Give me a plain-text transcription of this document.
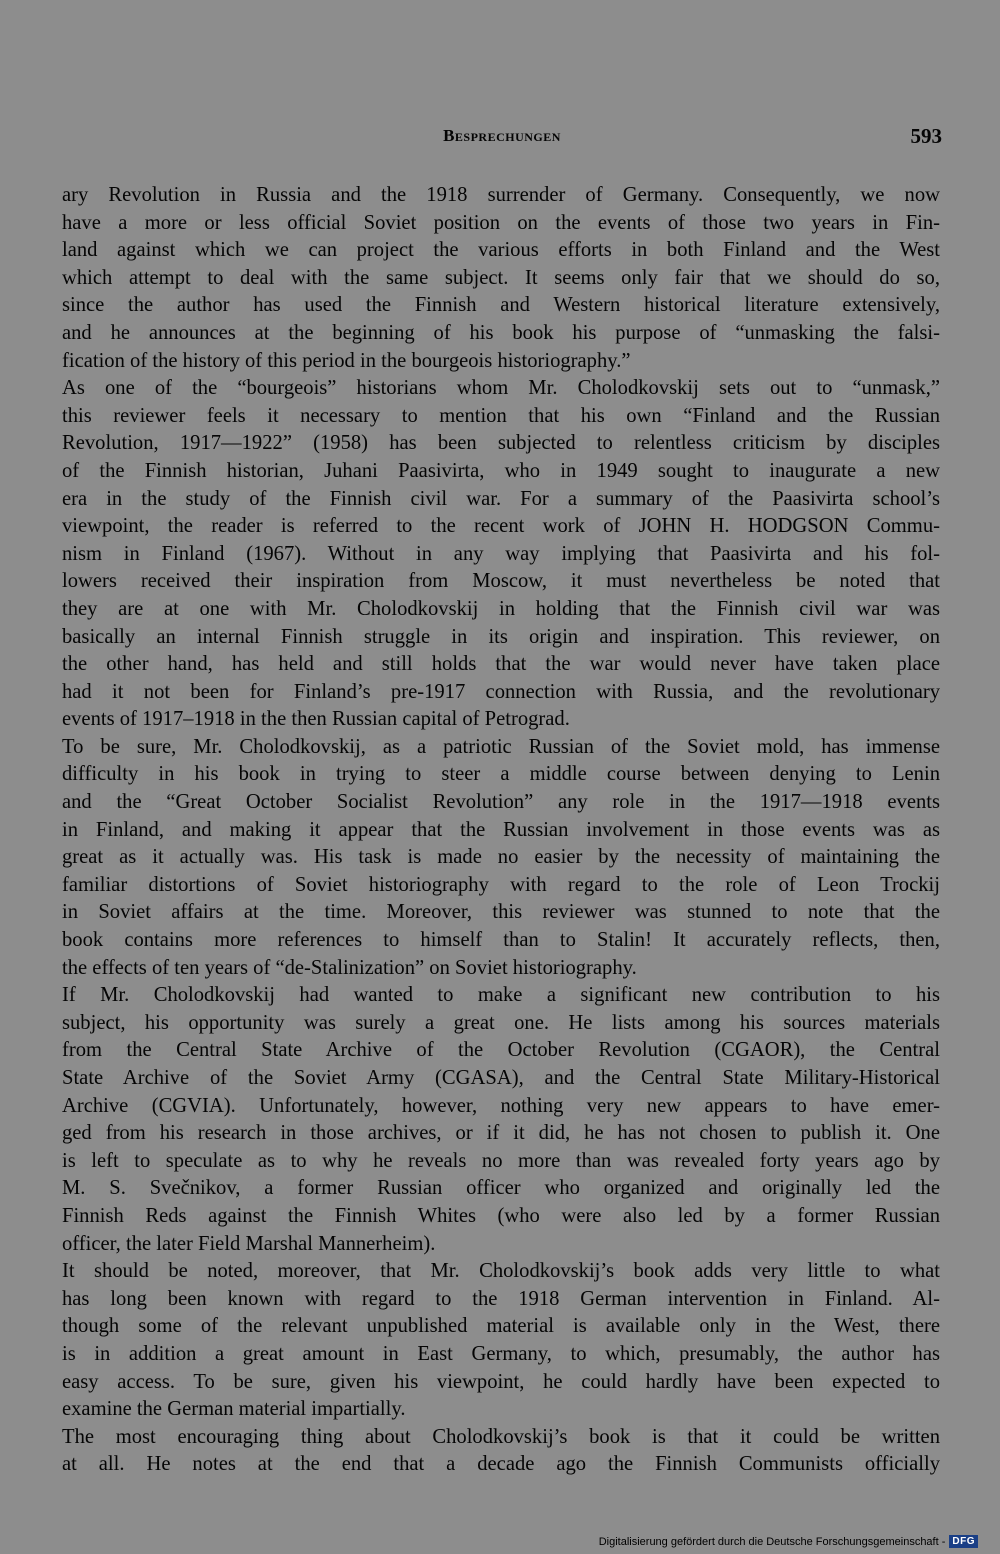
Besprechungen	593

ary Revolution in Russia and the 1918 surrender of Germany. Consequently, we now

have a more or less official Soviet position on the events of those two years in Fin-

land against which we can project the various efforts in both Finland and the West

which attempt to deal with the same subject. It seems only fair that we should do so,

since the author has used the Finnish and Western historical literature extensively,

and he announces at the beginning of his book his purpose of “unmasking the falsi-

fication of the history of this period in the bourgeois historiography.”

As one of the “bourgeois” historians whom Mr. Cholodkovskij sets out to “unmask,”

this reviewer feels it necessary to mention that his own “Finland and the Russian

Revolution, 1917—1922” (1958) has been subjected to relentless criticism by disciples

of the Finnish historian, Juhani Paasivirta, who in 1949 sought to inaugurate a new

era in the study of the Finnish civil war. For a summary of the Paasivirta school’s

viewpoint, the reader is referred to the recent work of JOHN H. HODGSON Commu-

nism in Finland (1967). Without in any way implying that Paasivirta and his fol-

lowers received their inspiration from Moscow, it must nevertheless be noted that

they are at one with Mr. Cholodkovskij in holding that the Finnish civil war was

basically an internal Finnish struggle in its origin and inspiration. This reviewer, on

the other hand, has held and still holds that the war would never have taken place

had it not been for Finland’s pre-1917 connection with Russia, and the revolutionary

events of 1917–1918 in the then Russian capital of Petrograd.

To be sure, Mr. Cholodkovskij, as a patriotic Russian of the Soviet mold, has immense

difficulty in his book in trying to steer a middle course between denying to Lenin

and the “Great October Socialist Revolution” any role in the 1917—1918 events

in Finland, and making it appear that the Russian involvement in those events was as

great as it actually was. His task is made no easier by the necessity of maintaining the

familiar distortions of Soviet historiography with regard to the role of Leon Trockij

in Soviet affairs at the time. Moreover, this reviewer was stunned to note that the

book contains more references to himself than to Stalin! It accurately reflects, then,

the effects of ten years of “de-Stalinization” on Soviet historiography.

If Mr. Cholodkovskij had wanted to make a significant new contribution to his

subject, his opportunity was surely a great one. He lists among his sources materials

from the Central State Archive of the October Revolution (CGAOR), the Central

State Archive of the Soviet Army (CGASA), and the Central State Military-Historical

Archive (CGVIA). Unfortunately, however, nothing very new appears to have emer-

ged from his research in those archives, or if it did, he has not chosen to publish it. One

is left to speculate as to why he reveals no more than was revealed forty years ago by

M. S. Svečnikov, a former Russian officer who organized and originally led the

Finnish Reds against the Finnish Whites (who were also led by a former Russian

officer, the later Field Marshal Mannerheim).

It should be noted, moreover, that Mr. Cholodkovskij’s book adds very little to what

has long been known with regard to the 1918 German intervention in Finland. Al-

though some of the relevant unpublished material is available only in the West, there

is in addition a great amount in East Germany, to which, presumably, the author has

easy access. To be sure, given his viewpoint, he could hardly have been expected to

examine the German material impartially.

The most encouraging thing about Cholodkovskij’s book is that it could be written

at all. He notes at the end that a decade ago the Finnish Communists officially

Digitalisierung gefördert durch die Deutsche Forschungsgemeinschaft - DFG
